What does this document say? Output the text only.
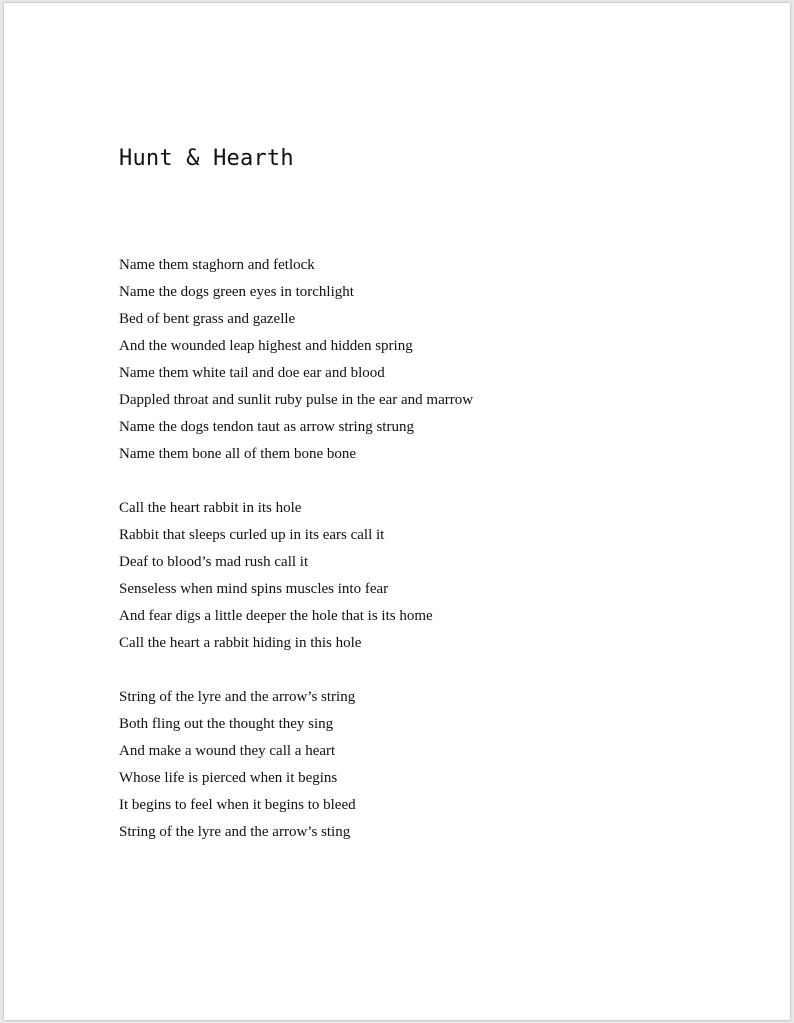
Hunt & Hearth
Name them staghorn and fetlock
Name the dogs green eyes in torchlight
Bed of bent grass and gazelle
And the wounded leap highest and hidden spring
Name them white tail and doe ear and blood
Dappled throat and sunlit ruby pulse in the ear and marrow
Name the dogs tendon taut as arrow string strung
Name them bone all of them bone bone
Call the heart rabbit in its hole
Rabbit that sleeps curled up in its ears call it
Deaf to blood’s mad rush call it
Senseless when mind spins muscles into fear
And fear digs a little deeper the hole that is its home
Call the heart a rabbit hiding in this hole
String of the lyre and the arrow’s string
Both fling out the thought they sing
And make a wound they call a heart
Whose life is pierced when it begins
It begins to feel when it begins to bleed
String of the lyre and the arrow’s sting
